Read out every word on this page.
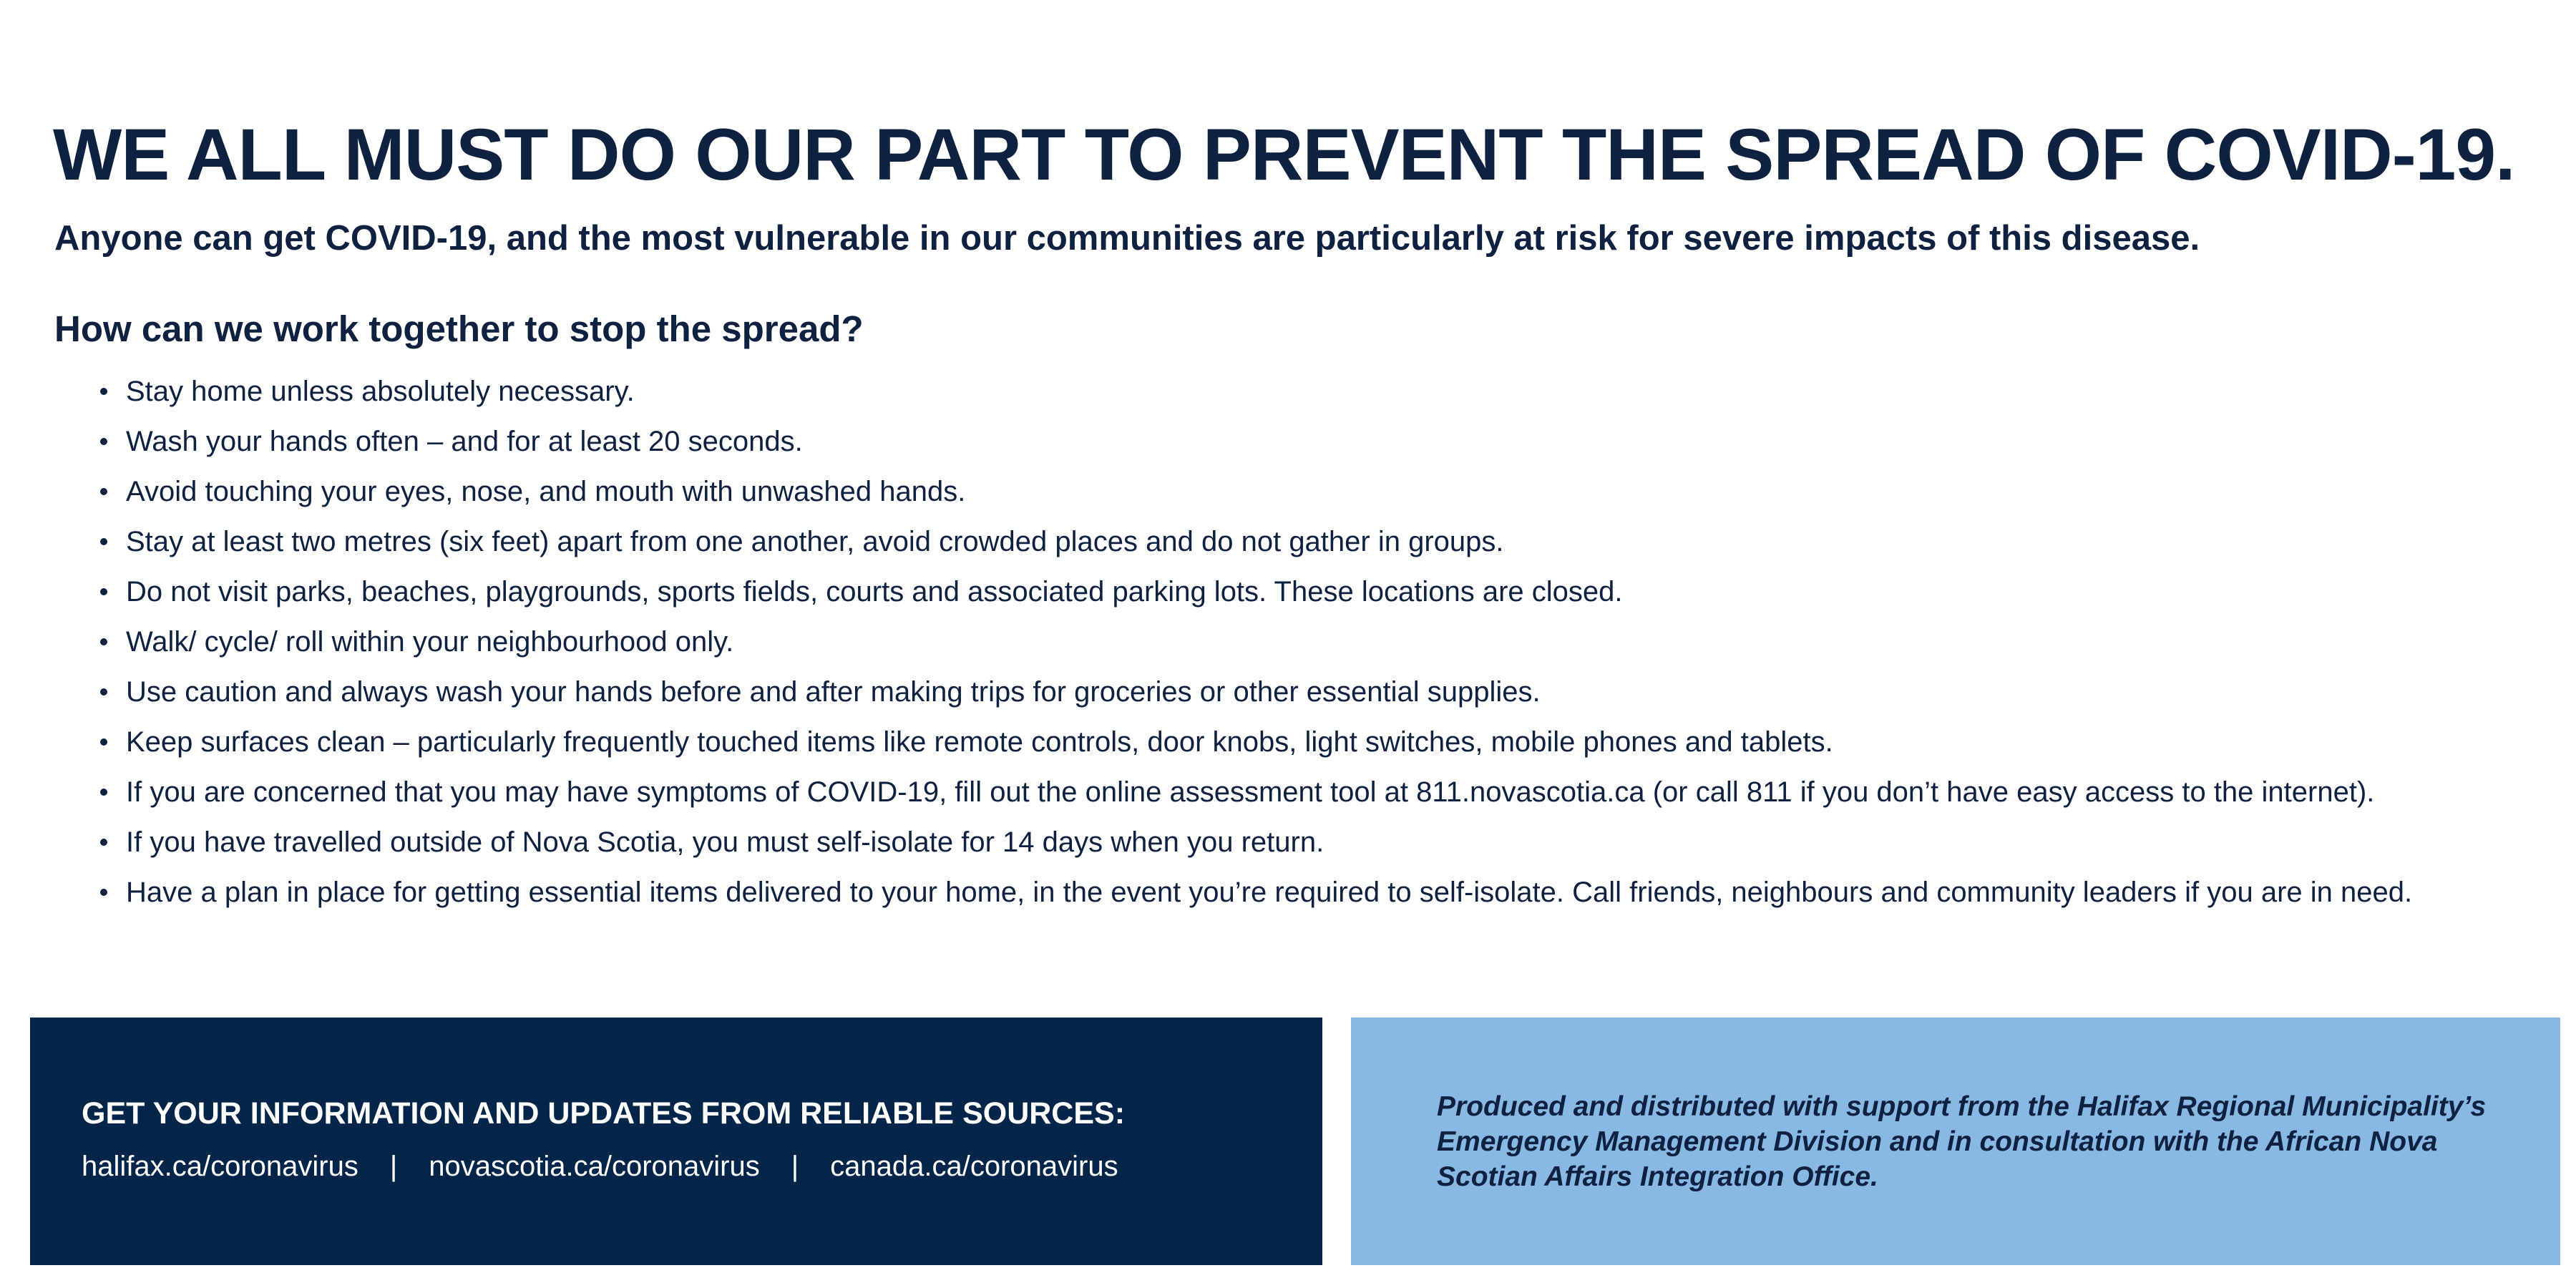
WE ALL MUST DO OUR PART TO PREVENT THE SPREAD OF COVID-19.

Anyone can get COVID-19, and the most vulnerable in our communities are particularly at risk for severe impacts of this disease.

How can we work together to stop the spread?
Stay home unless absolutely necessary.
Wash your hands often – and for at least 20 seconds.
Avoid touching your eyes, nose, and mouth with unwashed hands.
Stay at least two metres (six feet) apart from one another, avoid crowded places and do not gather in groups.
Do not visit parks, beaches, playgrounds, sports fields, courts and associated parking lots. These locations are closed.
Walk/ cycle/ roll within your neighbourhood only.
Use caution and always wash your hands before and after making trips for groceries or other essential supplies.
Keep surfaces clean – particularly frequently touched items like remote controls, door knobs, light switches, mobile phones and tablets.
If you are concerned that you may have symptoms of COVID-19, fill out the online assessment tool at 811.novascotia.ca (or call 811 if you don’t have easy access to the internet).
If you have travelled outside of Nova Scotia, you must self-isolate for 14 days when you return.
Have a plan in place for getting essential items delivered to your home, in the event you’re required to self-isolate. Call friends, neighbours and community leaders if you are in need.

GET YOUR INFORMATION AND UPDATES FROM RELIABLE SOURCES:

halifax.ca/coronavirus | novascotia.ca/coronavirus | canada.ca/coronavirus

Produced and distributed with support from the Halifax Regional Municipality’s Emergency Management Division and in consultation with the African Nova Scotian Affairs Integration Office.
